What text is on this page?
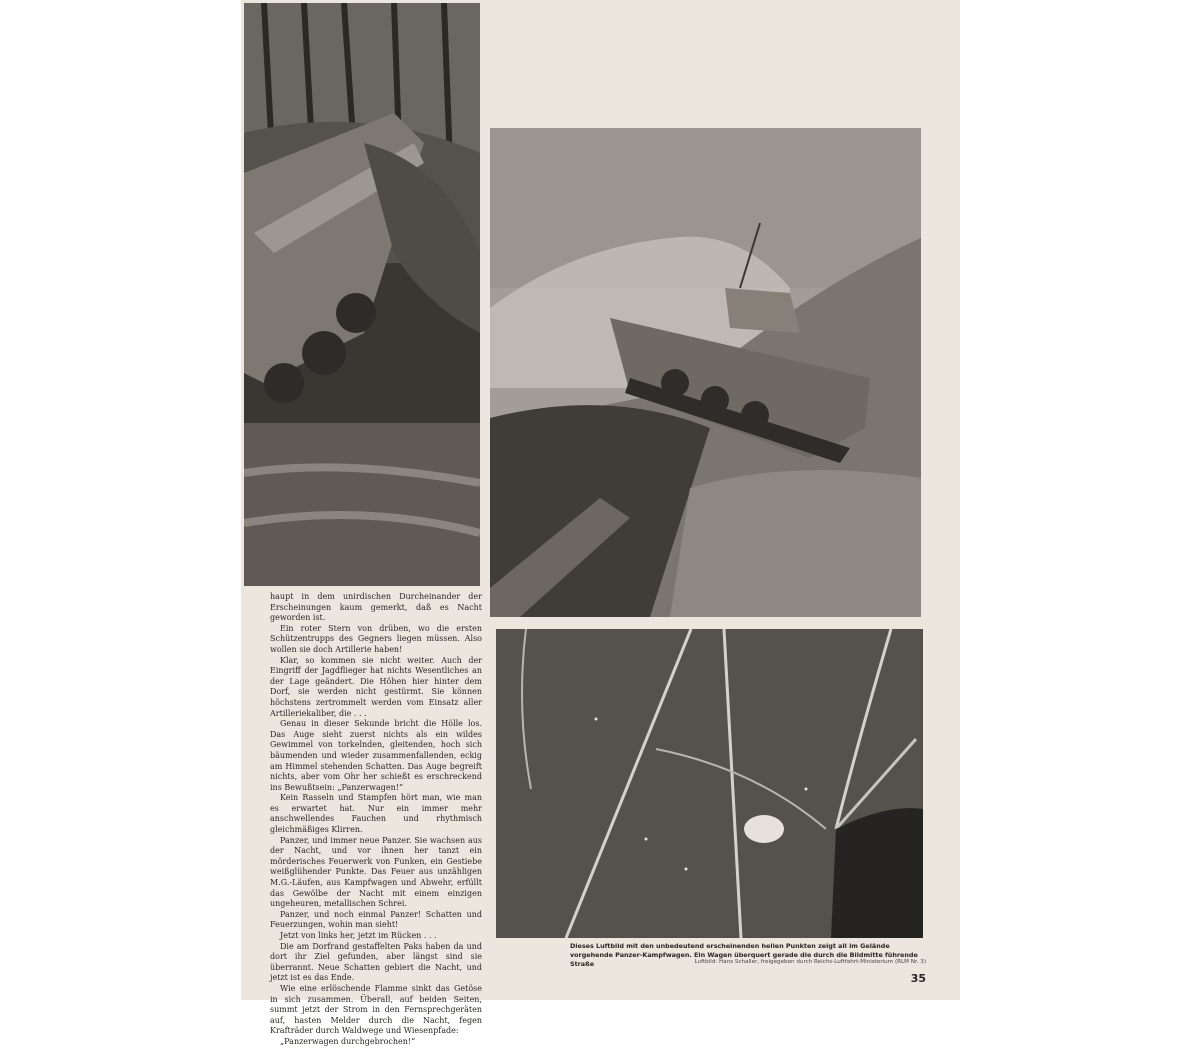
haupt in dem unirdischen Durcheinander der Erscheinungen kaum gemerkt, daß es Nacht geworden ist.

Ein roter Stern von drüben, wo die ersten Schützentrupps des Gegners liegen müssen. Also wollen sie doch Artillerie haben!

Klar, so kommen sie nicht weiter. Auch der Eingriff der Jagdflieger hat nichts Wesentliches an der Lage geändert. Die Höhen hier hinter dem Dorf, sie werden nicht gestürmt. Sie können höchstens zertrommelt werden vom Einsatz aller Artilleriekaliber, die . . .

Genau in dieser Sekunde bricht die Hölle los. Das Auge sieht zuerst nichts als ein wildes Gewimmel von torkelnden, gleitenden, hoch sich bäumenden und wieder zusammenfallenden, eckig am Himmel stehenden Schatten. Das Auge begreift nichts, aber vom Ohr her schießt es erschreckend ins Bewußtsein: „Panzerwagen!“

Kein Rasseln und Stampfen hört man, wie man es erwartet hat. Nur ein immer mehr anschwellendes Fauchen und rhythmisch gleichmäßiges Klirren.

Panzer, und immer neue Panzer. Sie wachsen aus der Nacht, und vor ihnen her tanzt ein mörderisches Feuerwerk von Funken, ein Gestiebe weißglühender Punkte. Das Feuer aus unzähligen M.G.-Läufen, aus Kampfwagen und Abwehr, erfüllt das Gewölbe der Nacht mit einem einzigen ungeheuren, metallischen Schrei.

Panzer, und noch einmal Panzer! Schatten und Feuerzungen, wohin man sieht!

Jetzt von links her, jetzt im Rücken . . .

Die am Dorfrand gestaffelten Paks haben da und dort ihr Ziel gefunden, aber längst sind sie überrannt. Neue Schatten gebiert die Nacht, und jetzt ist es das Ende.

Wie eine erlöschende Flamme sinkt das Getöse in sich zusammen. Überall, auf beiden Seiten, summt jetzt der Strom in den Fernsprechgeräten auf, hasten Melder durch die Nacht, fegen Krafträder durch Waldwege und Wiesenpfade:

„Panzerwagen durchgebrochen!“

Dieses Luftbild mit den unbedeutend erscheinenden hellen Punkten zeigt all im Gelände vorgehende Panzer-Kampfwagen. Ein Wagen überquert gerade die durch die Bildmitte führende Straße	Luftbild: Hans Schaller, freigegeben durch Reichs-Luftfahrt-Ministerium (RLM Nr. 3)
35
